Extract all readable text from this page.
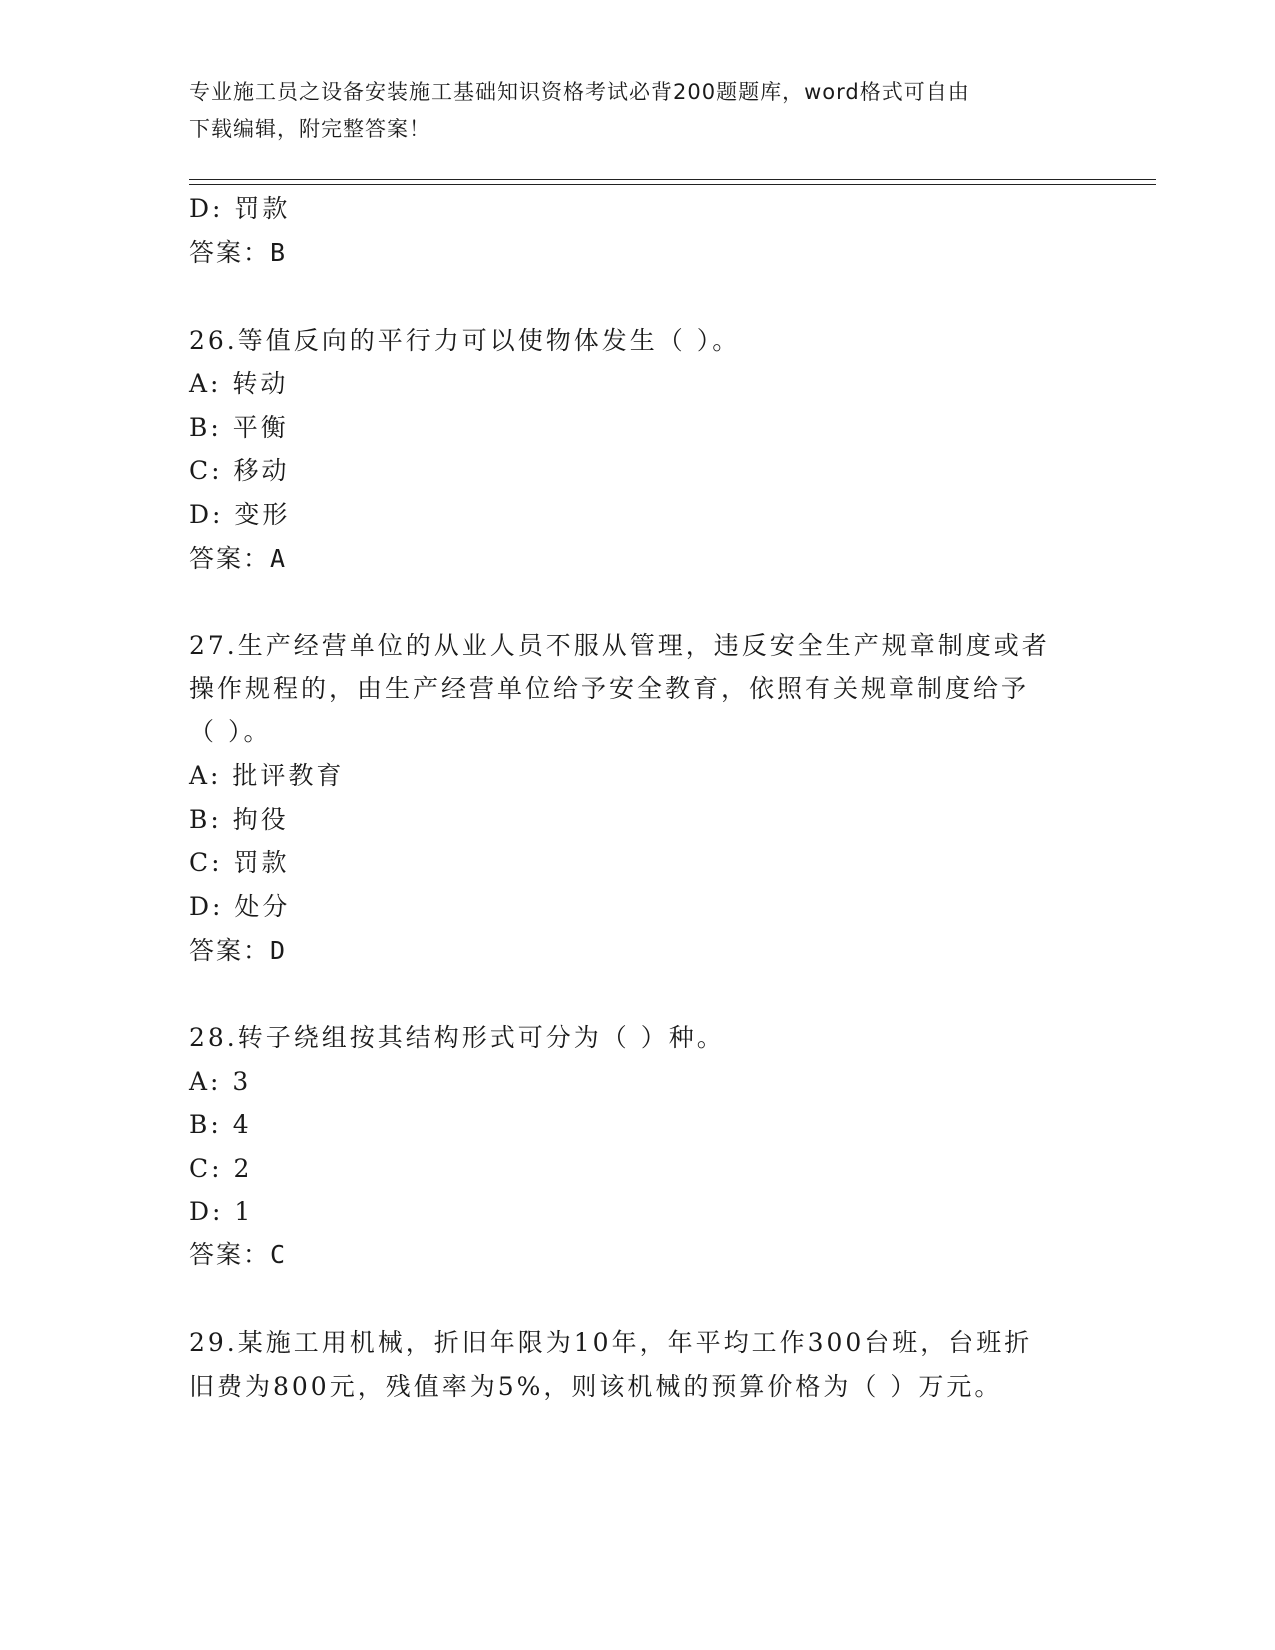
专业施工员之设备安装施工基础知识资格考试必背200题题库，word格式可自由
下载编辑，附完整答案！
D: 罚款
答案：B
26.等值反向的平行力可以使物体发生（ ）。
A: 转动
B: 平衡
C: 移动
D: 变形
答案：A
27.生产经营单位的从业人员不服从管理，违反安全生产规章制度或者
操作规程的，由生产经营单位给予安全教育，依照有关规章制度给予
（ ）。
A: 批评教育
B: 拘役
C: 罚款
D: 处分
答案：D
28.转子绕组按其结构形式可分为（ ）种。
A: 3
B: 4
C: 2
D: 1
答案：C
29.某施工用机械，折旧年限为10年，年平均工作300台班，台班折
旧费为800元，残值率为5%，则该机械的预算价格为（ ）万元。
